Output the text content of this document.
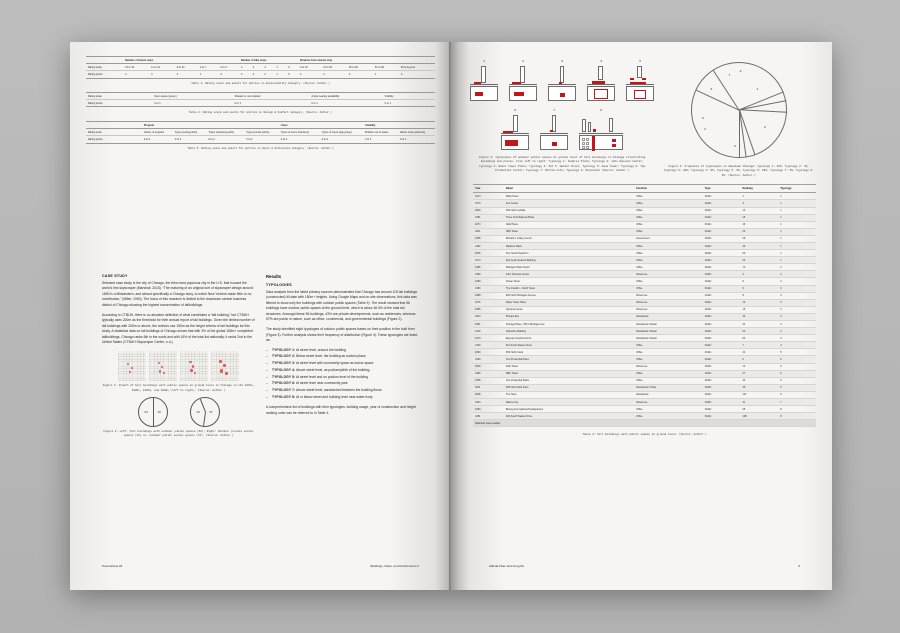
	Number of transit stops					Number of bike stops					Distance from nearest stop				
Rating scale	13 to 16	11 to 12	8 to 10	4 to 7	0 to 3	4	3	2	1	0	0 to 10	11 to 25	26 to 50	51 to 99	99 & beyond
Rating points	4	3	2	1	0	4	3	2	1	0	4	3	2	1	0
Table 1: Rating scale and points for metrics in Accessibility category. (Source: Author.)
Rating scale	Open space (green)	Shaded vs non-shaded	Ample seating availability	Visibility
Rating points	0 or 1	0 or 1	0 or 1	0 or 1
Table 2: Rating scale and points for metrics in Design & Comfort category. (Source: Author.)
	Program				Users		Usability	
Rating scale	Variety of program	Types (eating joints)	Types (shopping joints)	Types (tourist points)	Types of users (transient)	Types of users (age-group)	Multiple use of space	Allows mass gathering
Rating points	0 to 2	0 to 2	0 to 2	0 to 2	0 to 2	0 to 2	0 to 4	0 to 2
Table 3: Rating scale and points for metrics in Users & Activities category. (Source: Author.)
CASE STUDY

Selected case study is the city of Chicago, the third most populous city in the U.S. that housed the world's first skyscraper (Marshall, 2015). “The maturing of an original sort of skyscraper design around 1890 is a Midwestern, and almost specifically a Chicago story, to which New Yorkers made little or no contribution,” (Miller, 1990). The focus of this research is limited to the downtown central business district of Chicago showing the highest concentration of tallbuildings.

According to CTBUH, there is no absolute definition of what constitutes a “tall building,” but CTBUH typically uses 200m as the threshold for their annual report of tall buildings. Given the limited number of tall buildings with 200m or above, the authors use 150m as the height criteria of tall buildings for this study. A statistical data on tall buildings of Chicago shows that with 3% of the global 150m+ completed tallbuildings, Chicago ranks 6th in the world and with 16% of the total list nationally, it ranks 2nd in the United States (CTBUH Skyscraper Center, n.d.).

Figure 1: Growth of tall buildings with public spaces at ground level in Chicago in the 1970s, 1980s, 1990s, and 2000s (left to right). (Source: Author.)
53	48	43	57
Figure 2: Left: Tall buildings with outdoor public spaces (56); Right: Outdoor private social spaces (43) vs. outdoor public social spaces (57). (Source: Author.)
Results
TYPOLOGIES

Data analysis from the listed primary sources demonstrated that Chicago has around 115 tall buildings (constructed) till date with 150m+ heights. Using Google Maps and on-site observations, this data was filtered to show only the buildings with outdoor public spaces (Table 9). The result showed that 56 buildings have outdoor public spaces at the ground level, which is about 48.3% of the total tall structures. Amongst these 56 buildings, 43% are private developments, such as residences, whereas 57% are public in nature, such as office, commercial, and governmental buildings (Figure 2).

The study identified eight typologies of outdoor public spaces based on their position in the built form (Figure 3). Further analysis shows their frequency of distribution (Figure 4). These typologies are listed as:

– TYPOLOGY 1: At street level, around the building
– TYPOLOGY 2: Below street level, the building as sunken plaza
– TYPOLOGY 3: At street level with community space as indoor space
– TYPOLOGY 4: Above street level, as podium/plinth of the building
– TYPOLOGY 5: At street level and on podium level of the building
– TYPOLOGY 6: At street level near community park
– TYPOLOGY 7: Above street level, sandwiched between the building floors
– TYPOLOGY 8: At or below street and building level near water body

A comprehensive list of buildings with their typologies, building usage, year of construction and height ranking order can be referred to in Table 4.

Prometheus 04	Buildings, Cities, and Performance II
1	2	3	4	5
6	7	8
Figure 3: Typologies of outdoor public spaces at ground level of tall buildings in Chicago illustrating buildings and plazas. From left to right: Typology 1: Federal Plaza; Typology 2: John Hancock Center; Typology 3: Water Tower Place; Typology 4: 311 S. Wacker Drive; Typology 5: Aqua Tower; Typology 6: Two Prudential Center; Typology 7: Marina City; Typology 8: Riverwalk (Source: Author.)
1
2
3
4
5
6
7
8
Figure 4: Frequency of typologies in downtown Chicago: Typology 1: 32%; Typology 2: 4%; Typology 3: 28%; Typology 4: 9%; Typology 5: 3%; Typology 6: 19%; Typology 7: 3%; Typology 8: 4%. (Source: Author.)
Year	Name	Function	Type	Ranking	Typology
1974	Willis Tower	Office	Public	1	1
1973	Aon Center	Office	Public	3	1
2009	300 North LaSalle	Office	Public	14	1
1981	Three First National Plaza	Office	Public	15	1
1973	AMA Plaza	Office	Public	20	1
2001	UBS Tower	Office	Public	23	1
1965	Richard J. Daley Center	Government	Public	29	1
1982	Madison Plaza	Office	Public	40	1
2005	One South Dearborn	Office	Public	53	1
1974	Kluczynski Federal Building	Office	Public	63	1
1985	Michigan Plaza South	Office	Public	72	1
1969	John Hancock Center	Mixed use	Public	4	2
1969	Chase Tower	Office	Public	9	2
1989	The Franklin – North Tower	Office	Public	5	3
1989	900 North Michigan Avenue	Mixed use	Public	8	3
1976	Water Tower Place	Mixed use	Public	10	3
1986	Olympia Centre	Mixed use	Public	16	3
2004	55 East Erie	Residential	Public	30	3
1991	Chicago Place, 700 N Michigan Ave	Residential / Retail	Public	41	3
1929	Palmolive Building	Residential / Retail	Public	62	3
1973	Elysees Condominiums	Residential / Retail	Public	64	3
1990	311 South Wacker Drive	Office	Public	7	4
2009	353 North Clark	Office	Public	24	5
1990	Two Prudential Plaza	Office	Public	6	6
2009	Park Tower	Mixed use	Public	12	6
1989	NBC Tower	Office	Public	27	6
1955	One Prudential Plaza	Office	Public	44	6
2001	405 North Park Drive	Residential / Hotel	Public	36	6
2008	The Tides	Residential	Public	107	6
1964	Marina City	Mixed use	Public	31	7
1990	Boeing International Headquarters	Office	Public	65	8
1981	200 South Wacker Drive	Office	Public	108	8
Selected case studies					
Table 4: Tall buildings with public spaces at ground level. (Source: Author.)
Zahida Khan and Feng Du	5
